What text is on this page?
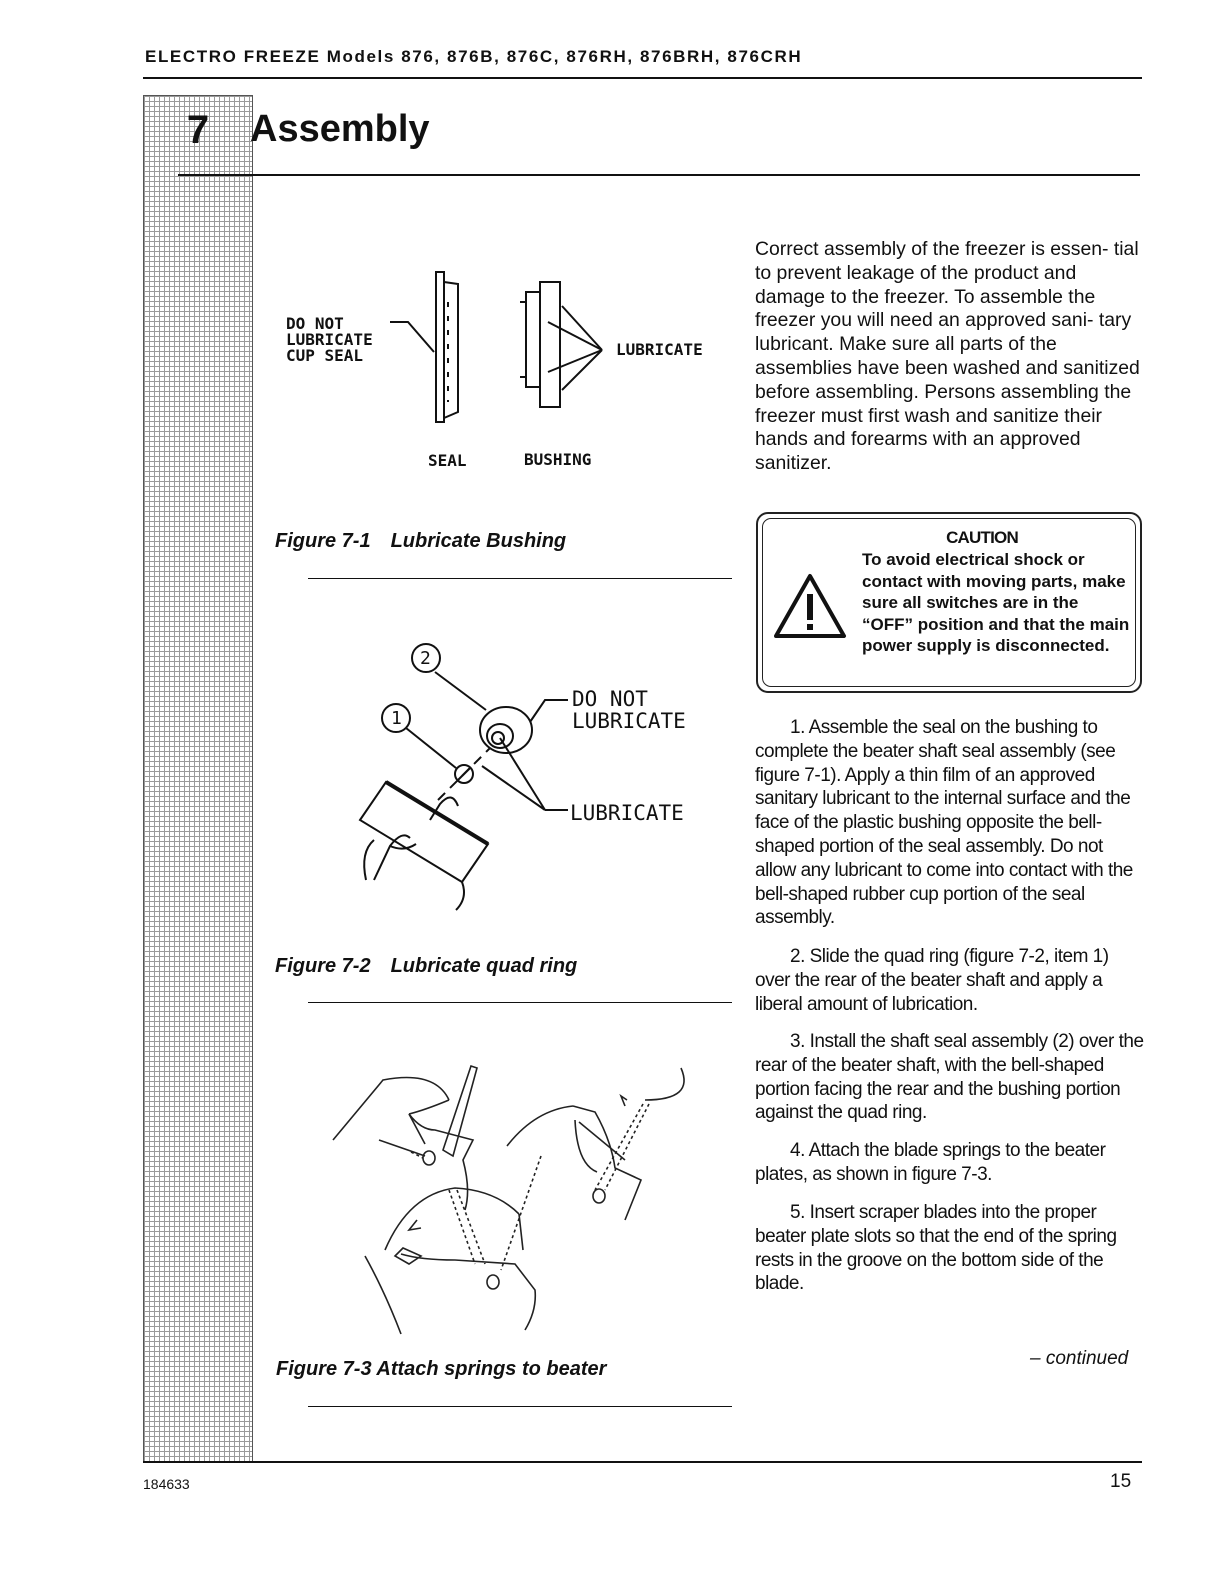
ELECTRO FREEZE Models 876, 876B, 876C, 876RH, 876BRH, 876CRH
7	Assembly
DO NOT
LUBRICATE
CUP SEAL	LUBRICATE
SEAL	BUSHING
Figure 7-1 Lubricate Bushing
2
1
DO NOT
LUBRICATE
LUBRICATE
Figure 7-2 Lubricate quad ring
Figure 7-3 Attach springs to beater
Correct assembly of the freezer is essen- tial to prevent leakage of the product and damage to the freezer. To assemble the freezer you will need an approved sani- tary lubricant. Make sure all parts of the assemblies have been washed and sanitized before assembling. Persons assembling the freezer must first wash and sanitize their hands and forearms with an approved sanitizer.
CAUTION
To avoid electrical shock or contact with moving parts, make sure all switches are in the “OFF” position and that the main power supply is disconnected.
1. Assemble the seal on the bushing to complete the beater shaft seal assembly (see figure 7-1). Apply a thin film of an approved sanitary lubricant to the internal surface and the face of the plastic bushing opposite the bell-shaped portion of the seal assembly. Do not allow any lubricant to come into contact with the bell-shaped rubber cup portion of the seal assembly.
2. Slide the quad ring (figure 7-2, item 1) over the rear of the beater shaft and apply a liberal amount of lubrication.
3. Install the shaft seal assembly (2) over the rear of the beater shaft, with the bell-shaped portion facing the rear and the bushing portion against the quad ring.
4. Attach the blade springs to the beater plates, as shown in figure 7-3.
5. Insert scraper blades into the proper beater plate slots so that the end of the spring rests in the groove on the bottom side of the blade.
– continued
184633	15
